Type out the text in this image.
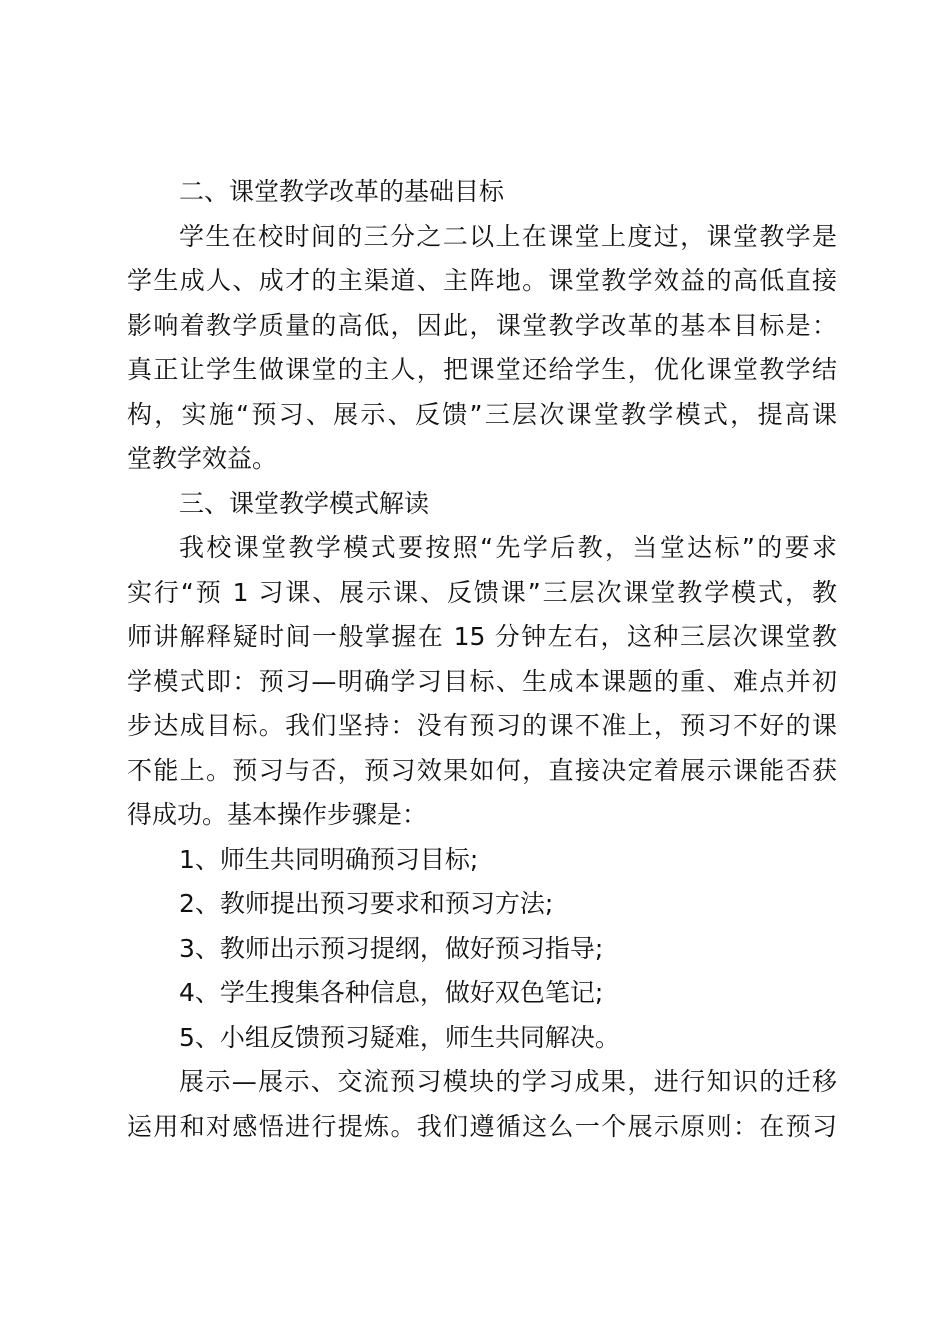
二、课堂教学改革的基础目标
学生在校时间的三分之二以上在课堂上度过，课堂教学是
学生成人、成才的主渠道、主阵地。课堂教学效益的高低直接
影响着教学质量的高低，因此，课堂教学改革的基本目标是：
真正让学生做课堂的主人，把课堂还给学生，优化课堂教学结
构，实施“预习、展示、反馈”三层次课堂教学模式，提高课
堂教学效益。
三、课堂教学模式解读
我校课堂教学模式要按照“先学后教，当堂达标”的要求
实行“预 1 习课、展示课、反馈课”三层次课堂教学模式，教
师讲解释疑时间一般掌握在 15 分钟左右，这种三层次课堂教
学模式即：预习—明确学习目标、生成本课题的重、难点并初
步达成目标。我们坚持：没有预习的课不准上，预习不好的课
不能上。预习与否，预习效果如何，直接决定着展示课能否获
得成功。基本操作步骤是：
1、师生共同明确预习目标;
2、教师提出预习要求和预习方法;
3、教师出示预习提纲，做好预习指导;
4、学生搜集各种信息，做好双色笔记;
5、小组反馈预习疑难，师生共同解决。
展示—展示、交流预习模块的学习成果，进行知识的迁移
运用和对感悟进行提炼。我们遵循这么一个展示原则：在预习
